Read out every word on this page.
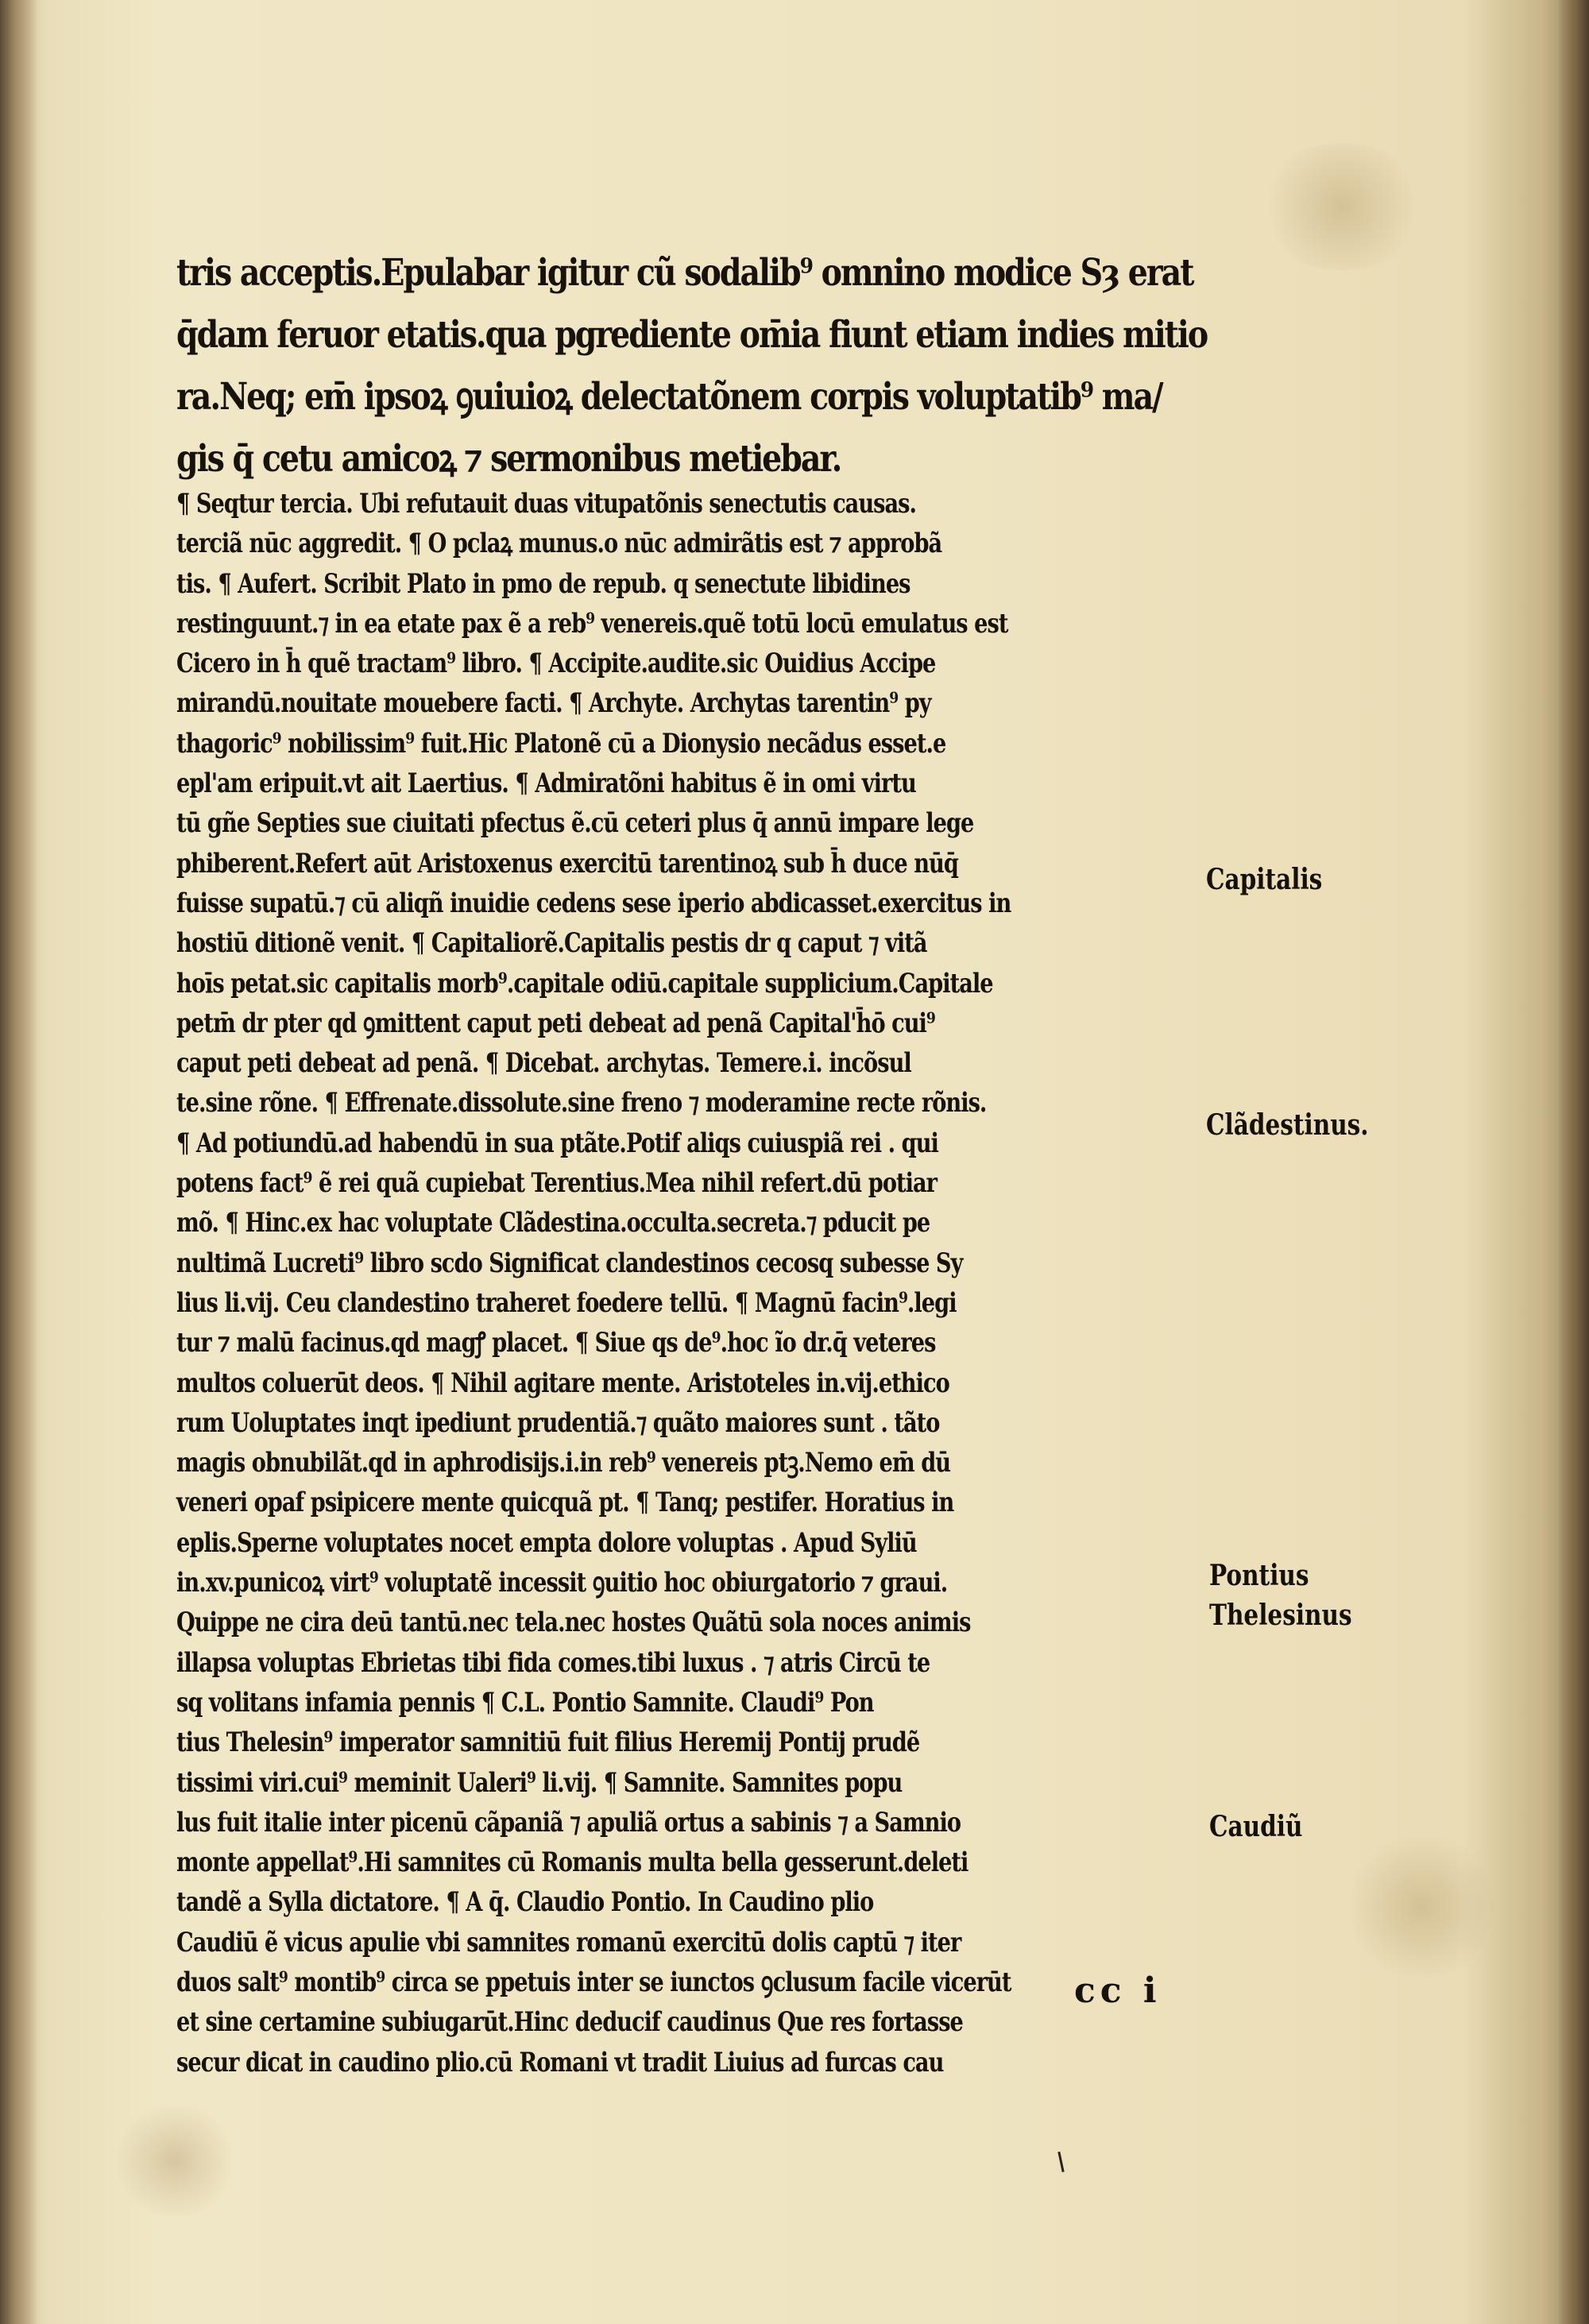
tris acceptis.Epulabar igitur cũ sodalib⁹ omnino modice Sȝ erat
q̄dam feruor etatis.qua pgrediente om̄ia fiunt etiam indies mitio
ra.Neq; em̄ ipsoꝝ ꝯuiuioꝝ delectatõnem corpis voluptatib⁹ ma/
gis q̄ cetu amicoꝝ ⁊ sermonibus metiebar.
¶ Seqtur tercia. Ubi refutauit duas vitupatõnis senectutis causas.
terciã nūc aggredit. ¶ O pclaꝝ munus.o nūc admirãtis est ⁊ approbã
tis. ¶ Aufert. Scribit Plato in pmo de repub. q senectute libidines
restinguunt.⁊ in ea etate pax ẽ a reb⁹ venereis.quẽ totū locū emulatus est
Cicero in h̄ quẽ tractam⁹ libro. ¶ Accipite.audite.sic Ouidius Accipe
mirandū.nouitate mouebere facti. ¶ Archyte. Archytas tarentin⁹ py
thagoric⁹ nobilissim⁹ fuit.Hic Platonẽ cū a Dionysio necãdus esset.e
epl'am eripuit.vt ait Laertius. ¶ Admiratõni habitus ẽ in omi virtu
tū gñe Septies sue ciuitati pfectus ẽ.cū ceteri plus q̄ annū impare lege
phiberent.Refert aūt Aristoxenus exercitū tarentinoꝝ sub h̄ duce nūq̄
fuisse supatū.⁊ cū aliqñ inuidie cedens sese iperio abdicasset.exercitus in
hostiū ditionẽ venit. ¶ Capitaliorẽ.Capitalis pestis dr q caput ⁊ vitã
hoīs petat.sic capitalis morb⁹.capitale odiū.capitale supplicium.Capitale
petm̄ dr pter qd ꝯmittent caput peti debeat ad penã Capital'h̄ō cui⁹
caput peti debeat ad penã. ¶ Dicebat. archytas. Temere.i. incõsul
te.sine rõne. ¶ Effrenate.dissolute.sine freno ⁊ moderamine recte rõnis.
¶ Ad potiundū.ad habendū in sua ptãte.Potif aliqs cuiuspiã rei . qui
potens fact⁹ ẽ rei quã cupiebat Terentius.Mea nihil refert.dū potiar
mõ. ¶ Hinc.ex hac voluptate Clãdestina.occulta.secreta.⁊ pducit pe
nultimã Lucreti⁹ libro scdo Significat clandestinos cecosq subesse Sy
lius li.vij. Ceu clandestino traheret foedere tellū. ¶ Magnū facin⁹.legi
tur ⁊ malū facinus.qd magꝭ placet. ¶ Siue qs de⁹.hoc ĩo dr.q̄ veteres
multos coluerūt deos. ¶ Nihil agitare mente. Aristoteles in.vij.ethico
rum Uoluptates inqt ipediunt prudentiã.⁊ quãto maiores sunt . tãto
magis obnubilãt.qd in aphrodisijs.i.in reb⁹ venereis ptꝫ.Nemo em̄ dū
veneri opaf psipicere mente quicquã pt. ¶ Tanq; pestifer. Horatius in
eplis.Sperne voluptates nocet empta dolore voluptas . Apud Syliū
in.xv.punicoꝝ virt⁹ voluptatẽ incessit ꝯuitio hoc obiurgatorio ⁊ graui.
Quippe ne cira deū tantū.nec tela.nec hostes Quãtū sola noces animis
illapsa voluptas Ebrietas tibi fida comes.tibi luxus . ⁊ atris Circū te
sq volitans infamia pennis ¶ C.L. Pontio Samnite. Claudi⁹ Pon
tius Thelesin⁹ imperator samnitiū fuit filius Heremij Pontij prudẽ
tissimi viri.cui⁹ meminit Ualeri⁹ li.vij. ¶ Samnite. Samnites popu
lus fuit italie inter picenū cãpaniã ⁊ apuliã ortus a sabinis ⁊ a Samnio
monte appellat⁹.Hi samnites cū Romanis multa bella gesserunt.deleti
tandẽ a Sylla dictatore. ¶ A q̄. Claudio Pontio. In Caudino plio
Caudiū ẽ vicus apulie vbi samnites romanū exercitū dolis captū ⁊ iter
duos salt⁹ montib⁹ circa se ppetuis inter se iunctos ꝯclusum facile vicerūt
et sine certamine subiugarūt.Hinc deducif caudinus Que res fortasse
secur dicat in caudino plio.cū Romani vt tradit Liuius ad furcas cau
Capitalis
Clãdestinus.
Pontius
Thelesinus
Caudiũ
cc i
